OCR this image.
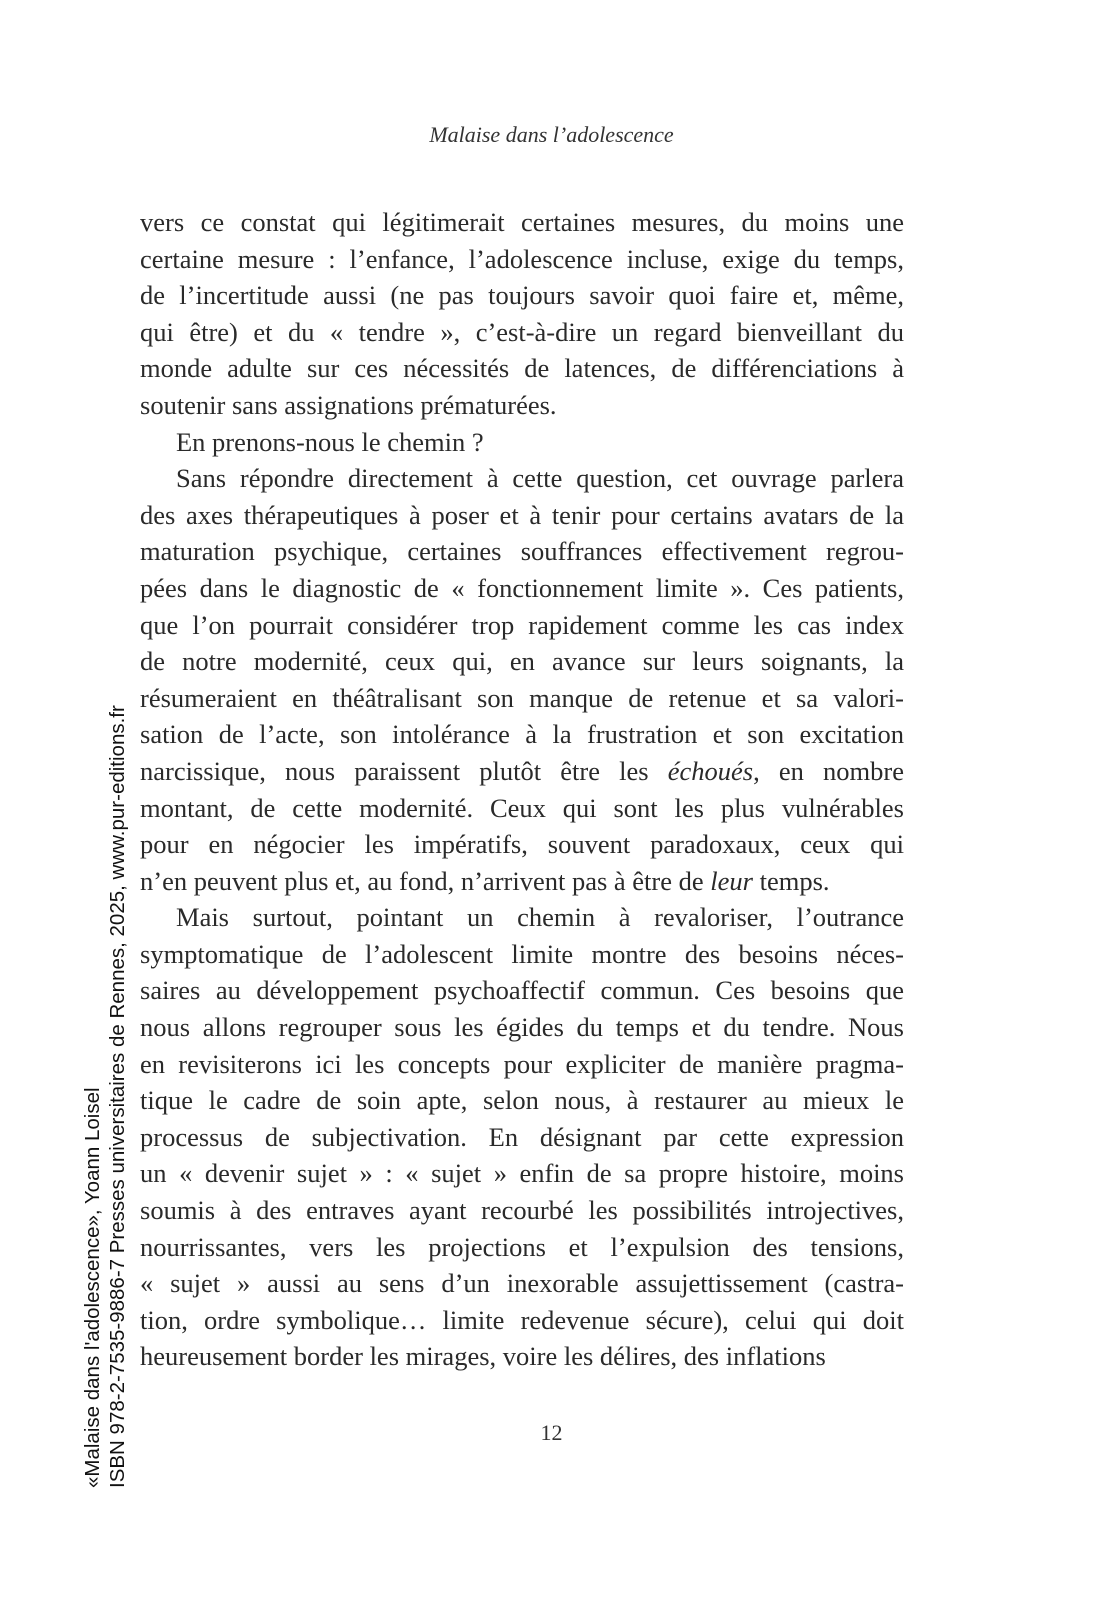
Malaise dans l’adolescence
vers ce constat qui légitimerait certaines mesures, du moins une
certaine mesure : l’enfance, l’adolescence incluse, exige du temps,
de l’incertitude aussi (ne pas toujours savoir quoi faire et, même,
qui être) et du « tendre », c’est-à-dire un regard bienveillant du
monde adulte sur ces nécessités de latences, de différenciations à
soutenir sans assignations prématurées.
En prenons-nous le chemin ?
Sans répondre directement à cette question, cet ouvrage parlera
des axes thérapeutiques à poser et à tenir pour certains avatars de la
maturation psychique, certaines souffrances effectivement regrou-
pées dans le diagnostic de « fonctionnement limite ». Ces patients,
que l’on pourrait considérer trop rapidement comme les cas index
de notre modernité, ceux qui, en avance sur leurs soignants, la
résumeraient en théâtralisant son manque de retenue et sa valori-
sation de l’acte, son intolérance à la frustration et son excitation
narcissique, nous paraissent plutôt être les échoués, en nombre
montant, de cette modernité. Ceux qui sont les plus vulnérables
pour en négocier les impératifs, souvent paradoxaux, ceux qui
n’en peuvent plus et, au fond, n’arrivent pas à être de leur temps.
Mais surtout, pointant un chemin à revaloriser, l’outrance
symptomatique de l’adolescent limite montre des besoins néces-
saires au développement psychoaffectif commun. Ces besoins que
nous allons regrouper sous les égides du temps et du tendre. Nous
en revisiterons ici les concepts pour expliciter de manière pragma-
tique le cadre de soin apte, selon nous, à restaurer au mieux le
processus de subjectivation. En désignant par cette expression
un « devenir sujet » : « sujet » enfin de sa propre histoire, moins
soumis à des entraves ayant recourbé les possibilités introjectives,
nourrissantes, vers les projections et l’expulsion des tensions,
« sujet » aussi au sens d’un inexorable assujettissement (castra-
tion, ordre symbolique… limite redevenue sécure), celui qui doit
heureusement border les mirages, voire les délires, des inflations
12
«Malaise dans l'adolescence», Yoann Loisel ISBN 978-2-7535-9886-7 Presses universitaires de Rennes, 2025, www.pur-editions.fr
